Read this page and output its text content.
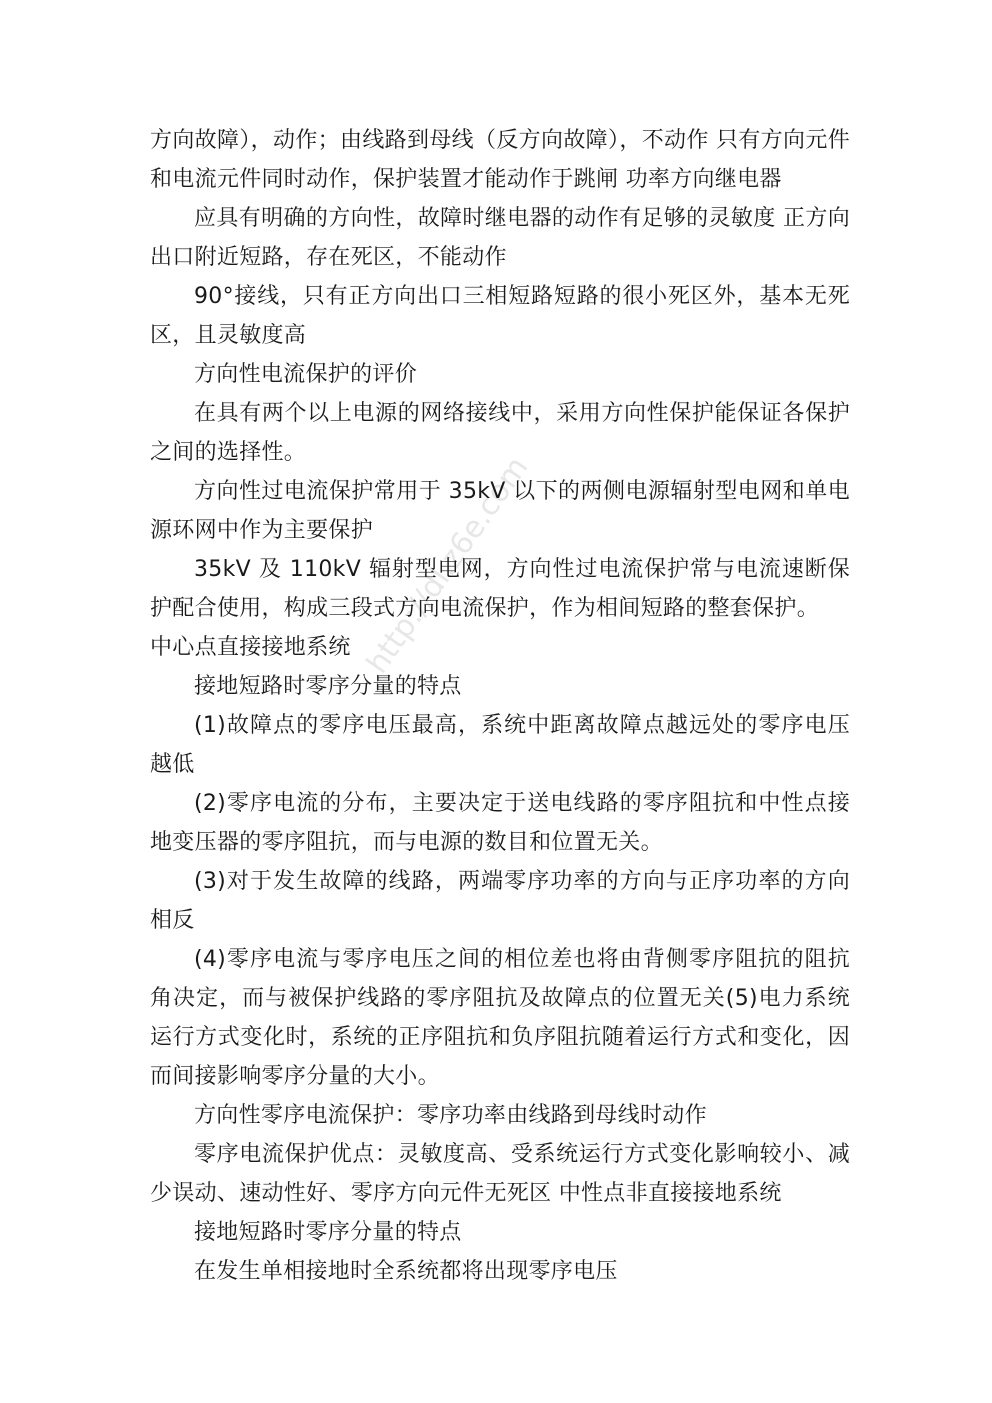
http://dl.z6e.com

方向故障），动作；由线路到母线（反方向故障），不动作 只有方向元件和电流元件同时动作，保护装置才能动作于跳闸 功率方向继电器

应具有明确的方向性，故障时继电器的动作有足够的灵敏度 正方向出口附近短路，存在死区，不能动作

90°接线，只有正方向出口三相短路短路的很小死区外，基本无死区，且灵敏度高

方向性电流保护的评价

在具有两个以上电源的网络接线中，采用方向性保护能保证各保护之间的选择性。

方向性过电流保护常用于 35kV 以下的两侧电源辐射型电网和单电源环网中作为主要保护

35kV 及 110kV 辐射型电网，方向性过电流保护常与电流速断保护配合使用，构成三段式方向电流保护，作为相间短路的整套保护。

中心点直接接地系统

接地短路时零序分量的特点

(1)故障点的零序电压最高，系统中距离故障点越远处的零序电压越低

(2)零序电流的分布，主要决定于送电线路的零序阻抗和中性点接地变压器的零序阻抗，而与电源的数目和位置无关。

(3)对于发生故障的线路，两端零序功率的方向与正序功率的方向相反

(4)零序电流与零序电压之间的相位差也将由背侧零序阻抗的阻抗角决定，而与被保护线路的零序阻抗及故障点的位置无关(5)电力系统运行方式变化时，系统的正序阻抗和负序阻抗随着运行方式和变化，因而间接影响零序分量的大小。

方向性零序电流保护：零序功率由线路到母线时动作

零序电流保护优点：灵敏度高、受系统运行方式变化影响较小、减少误动、速动性好、零序方向元件无死区 中性点非直接接地系统

接地短路时零序分量的特点

在发生单相接地时全系统都将出现零序电压
